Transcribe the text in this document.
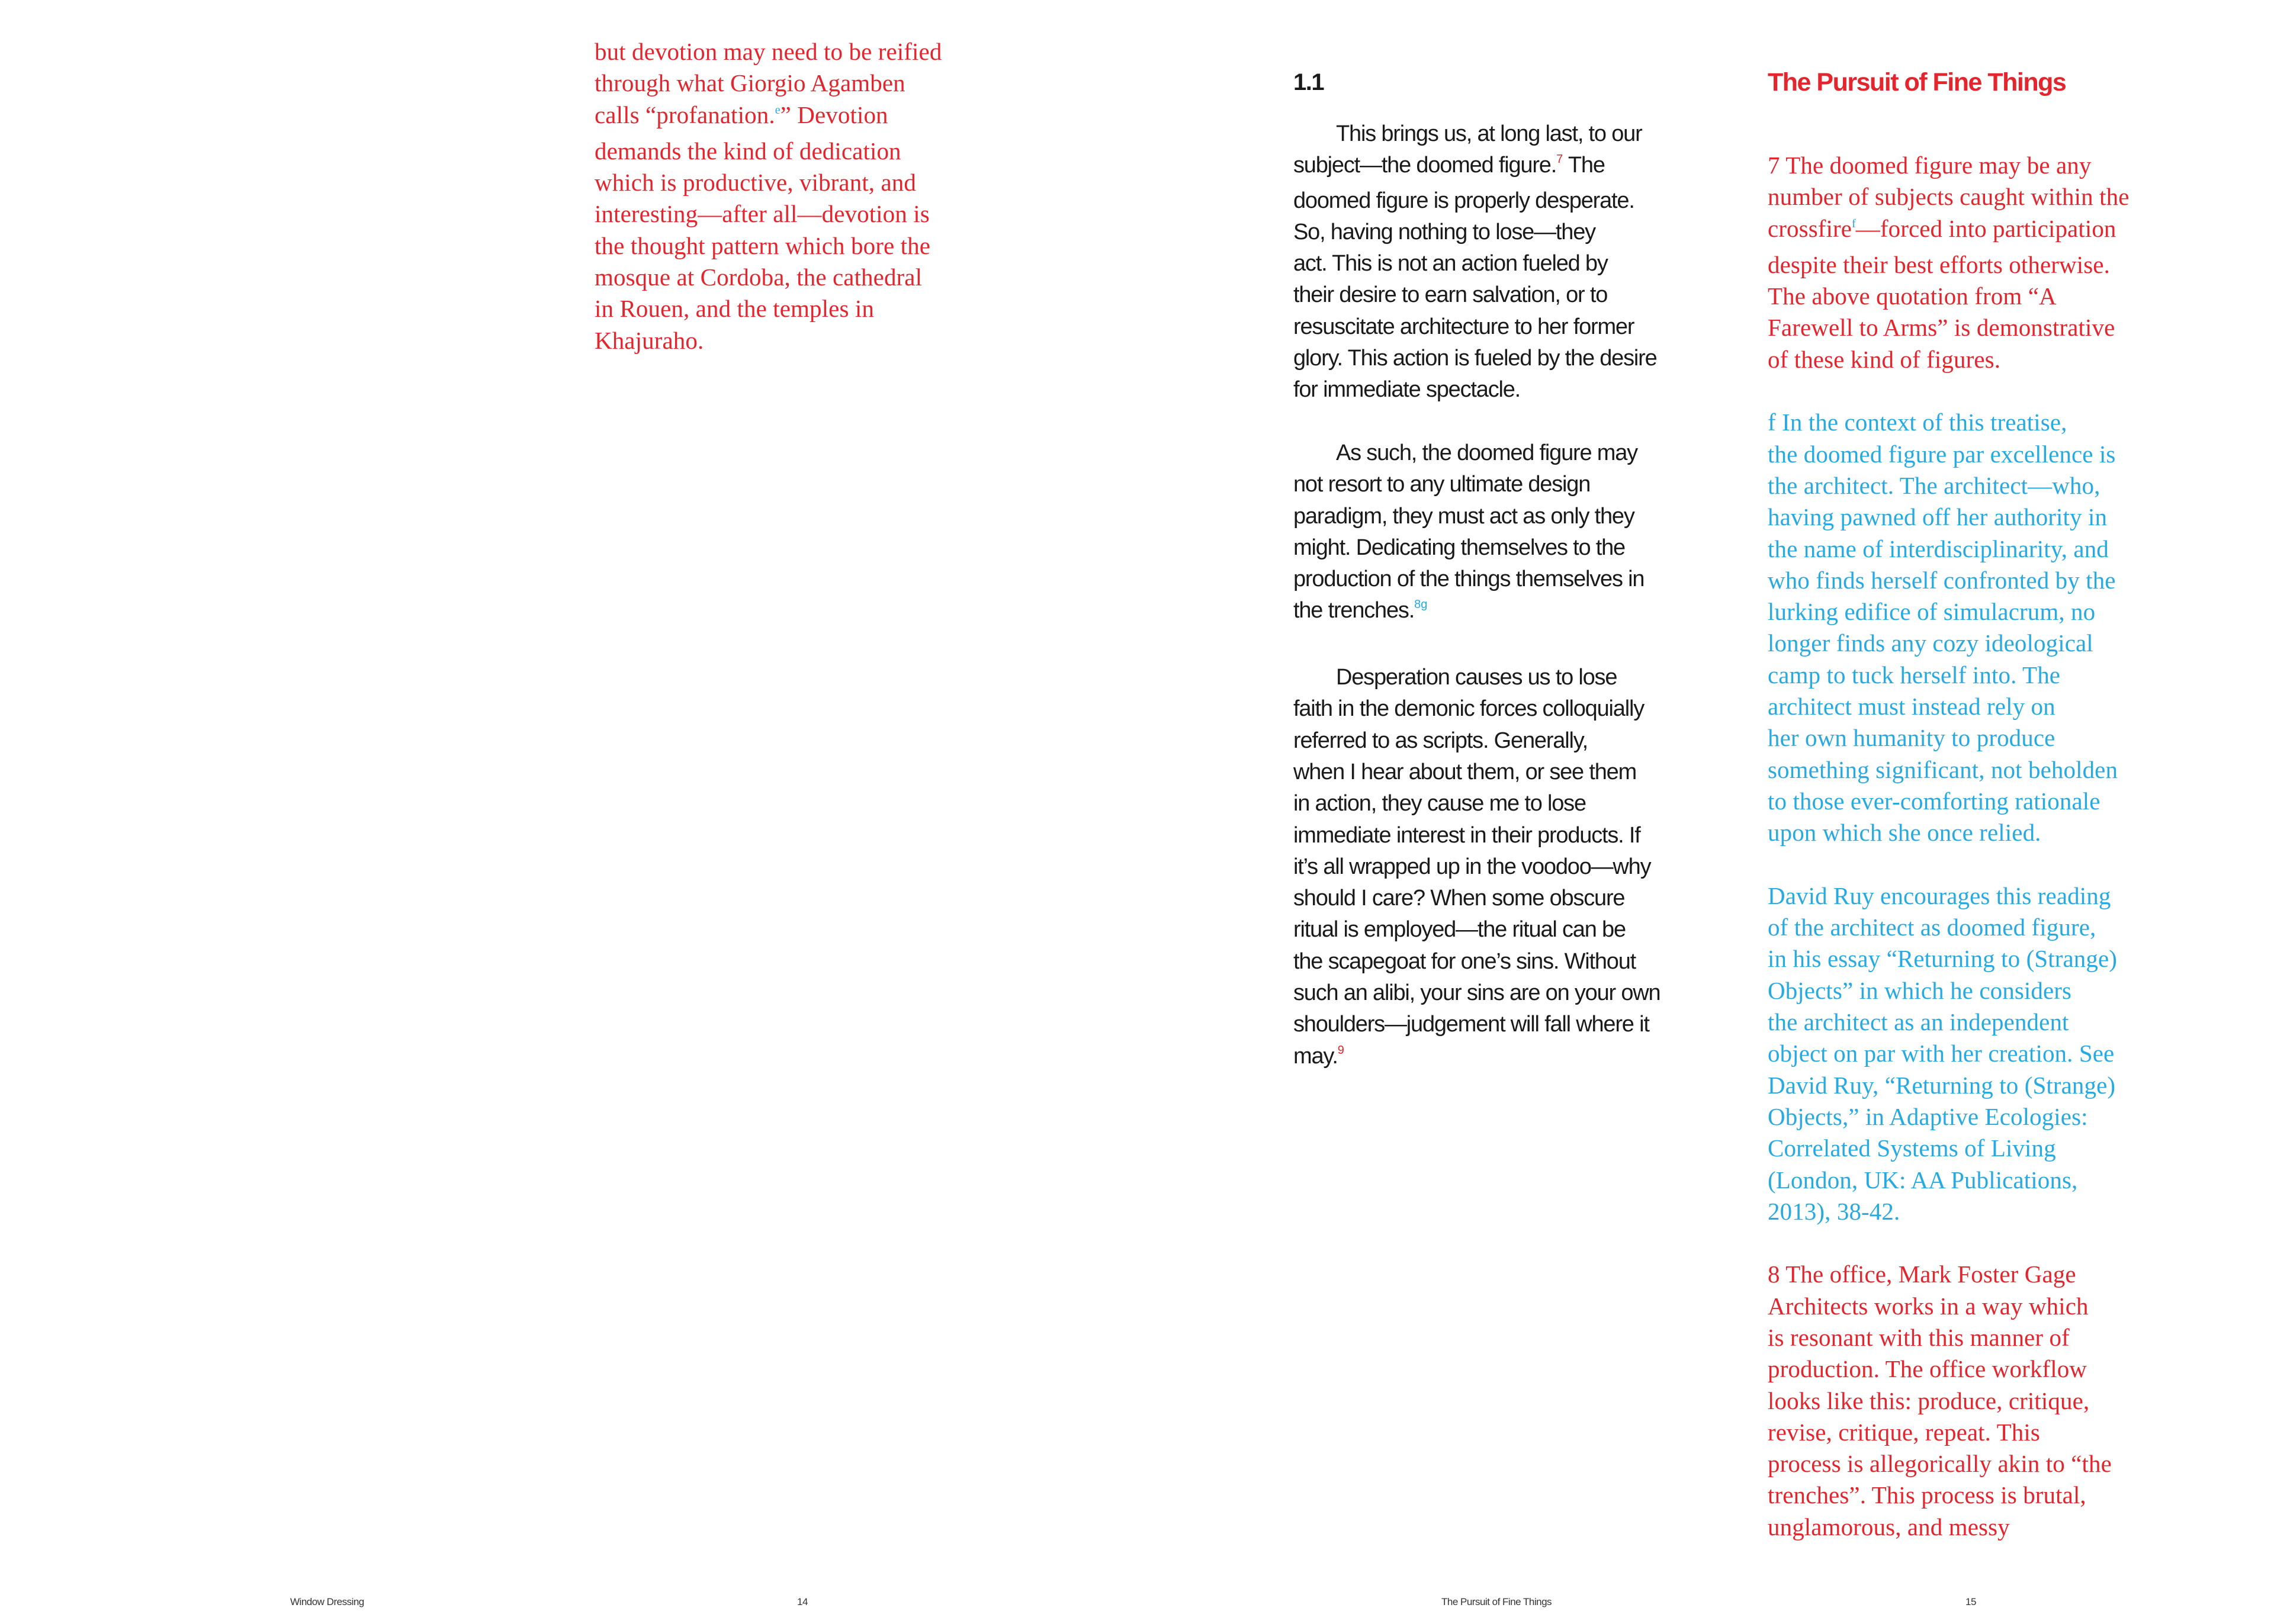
but devotion may need to be reified
through what Giorgio Agamben
calls “profanation.$^e$” Devotion
demands the kind of dedication
which is productive, vibrant, and
interesting—after all—devotion is
the thought pattern which bore the
mosque at Cordoba, the cathedral
in Rouen, and the temples in
Khajuraho.
Window Dressing	14
1.1	The Pursuit of Fine Things

This brings us, at long last, to our
subject—the doomed figure.$^7$ The
doomed figure is properly desperate.
So, having nothing to lose—they
act. This is not an action fueled by
their desire to earn salvation, or to
resuscitate architecture to her former
glory. This action is fueled by the desire
for immediate spectacle.

As such, the doomed figure may
not resort to any ultimate design
paradigm, they must act as only they
might. Dedicating themselves to the
production of the things themselves in
the trenches.$^{8g}$

Desperation causes us to lose
faith in the demonic forces colloquially
referred to as scripts. Generally,
when I hear about them, or see them
in action, they cause me to lose
immediate interest in their products. If
it’s all wrapped up in the voodoo—why
should I care? When some obscure
ritual is employed—the ritual can be
the scapegoat for one’s sins. Without
such an alibi, your sins are on your own
shoulders—judgement will fall where it
may.$^9$

7 The doomed figure may be any
number of subjects caught within the
crossfire$^f$—forced into participation
despite their best efforts otherwise.
The above quotation from “A
Farewell to Arms” is demonstrative
of these kind of figures.

f In the context of this treatise,
the doomed figure par excellence is
the architect. The architect—who,
having pawned off her authority in
the name of interdisciplinarity, and
who finds herself confronted by the
lurking edifice of simulacrum, no
longer finds any cozy ideological
camp to tuck herself into. The
architect must instead rely on
her own humanity to produce
something significant, not beholden
to those ever-comforting rationale
upon which she once relied.

David Ruy encourages this reading
of the architect as doomed figure,
in his essay “Returning to (Strange)
Objects” in which he considers
the architect as an independent
object on par with her creation. See
David Ruy, “Returning to (Strange)
Objects,” in Adaptive Ecologies:
Correlated Systems of Living
(London, UK: AA Publications,
2013), 38-42.

8 The office, Mark Foster Gage
Architects works in a way which
is resonant with this manner of
production. The office workflow
looks like this: produce, critique,
revise, critique, repeat. This
process is allegorically akin to “the
trenches”. This process is brutal,
unglamorous, and messy

The Pursuit of Fine Things	15
